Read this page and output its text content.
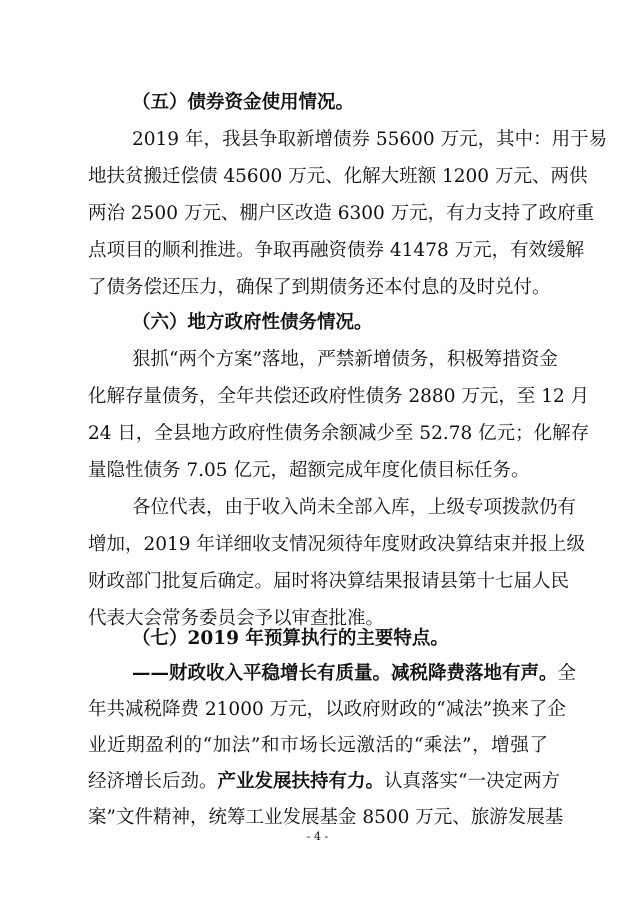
（五）债券资金使用情况。
2019 年，我县争取新增债券 55600 万元，其中：用于易
地扶贫搬迁偿债 45600 万元、化解大班额 1200 万元、两供
两治 2500 万元、棚户区改造 6300 万元，有力支持了政府重
点项目的顺利推进。争取再融资债券 41478 万元，有效缓解
了债务偿还压力，确保了到期债务还本付息的及时兑付。
（六）地方政府性债务情况。
狠抓“两个方案”落地，严禁新增债务，积极筹措资金
化解存量债务，全年共偿还政府性债务 2880 万元，至 12 月
24 日，全县地方政府性债务余额减少至 52.78 亿元；化解存
量隐性债务 7.05 亿元，超额完成年度化债目标任务。
各位代表，由于收入尚未全部入库，上级专项拨款仍有
增加，2019 年详细收支情况须待年度财政决算结束并报上级
财政部门批复后确定。届时将决算结果报请县第十七届人民
代表大会常务委员会予以审查批准。
（七）2019 年预算执行的主要特点。
——财政收入平稳增长有质量。减税降费落地有声。全
年共减税降费 21000 万元，以政府财政的“减法”换来了企
业近期盈利的“加法”和市场长远激活的“乘法”，增强了
经济增长后劲。产业发展扶持有力。认真落实“一决定两方
- 4 -
案”文件精神，统筹工业发展基金 8500 万元、旅游发展基
